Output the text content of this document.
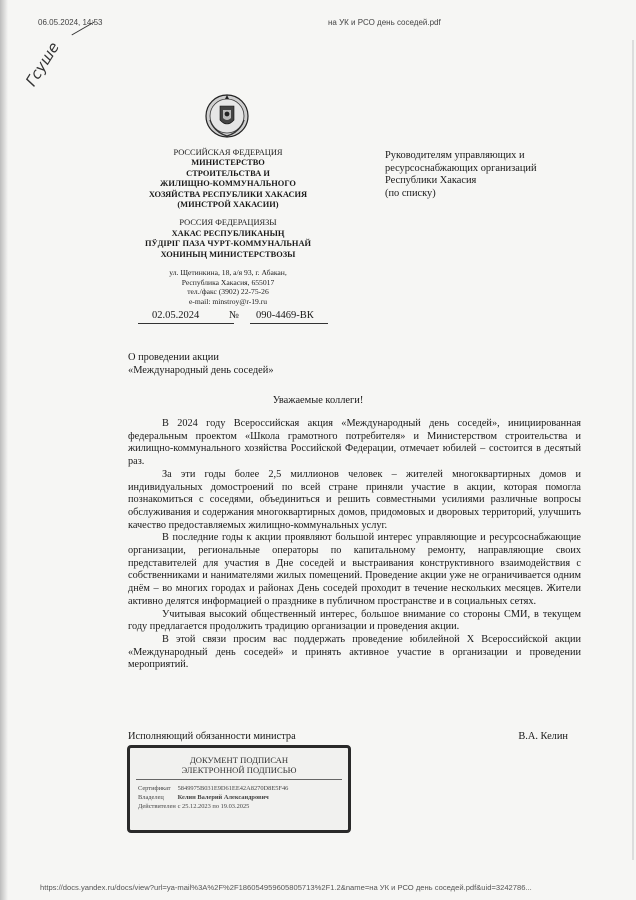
06.05.2024, 14:53	на УК и РСО день соседей.pdf
Гсуше
РОССИЙСКАЯ ФЕДЕРАЦИЯ
МИНИСТЕРСТВО
СТРОИТЕЛЬСТВА И
ЖИЛИЩНО-КОММУНАЛЬНОГО
ХОЗЯЙСТВА РЕСПУБЛИКИ ХАКАСИЯ
(МИНСТРОЙ ХАКАСИИ)
РОССИЯ ФЕДЕРАЦИЯЗЫ
ХАКАС РЕСПУБЛИКАНЫҢ
ПӰДIРIГ ПАЗА ЧУРТ-КОММУНАЛЬНАЙ
ХОНИНЫҢ МИНИСТЕРСТВОЗЫ
ул. Щетинкина, 18, а/я 93, г. Абакан,
Республика Хакасия, 655017
тел./факс (3902) 22-75-26
e-mail: minstroy@r-19.ru
02.05.2024	№ 090-4469-ВК
Руководителям управляющих и
ресурсоснабжающих организаций
Республики Хакасия
(по списку)
О проведении акции
«Международный день соседей»
Уважаемые коллеги!

В 2024 году Всероссийская акция «Международный день соседей», инициированная федеральным проектом «Школа грамотного потребителя» и Министерством строительства и жилищно-коммунального хозяйства Российской Федерации, отмечает юбилей – состоится в десятый раз.

За эти годы более 2,5 миллионов человек – жителей многоквартирных домов и индивидуальных домостроений по всей стране приняли участие в акции, которая помогла познакомиться с соседями, объединиться и решить совместными усилиями различные вопросы обслуживания и содержания многоквартирных домов, придомовых и дворовых территорий, улучшить качество предоставляемых жилищно-коммунальных услуг.

В последние годы к акции проявляют большой интерес управляющие и ресурсоснабжающие организации, региональные операторы по капитальному ремонту, направляющие своих представителей для участия в Дне соседей и выстраивания конструктивного взаимодействия с собственниками и нанимателями жилых помещений. Проведение акции уже не ограничивается одним днём – во многих городах и районах День соседей проходит в течение нескольких месяцев. Жители активно делятся информацией о празднике в публичном пространстве и в социальных сетях.

Учитывая высокий общественный интерес, большое внимание со стороны СМИ, в текущем году предлагается продолжить традицию организации и проведения акции.

В этой связи просим вас поддержать проведение юбилейной X Всероссийской акции «Международный день соседей» и принять активное участие в организации и проведении мероприятий.

Исполняющий обязанности министра	В.А. Келин
ДОКУМЕНТ ПОДПИСАН
ЭЛЕКТРОННОЙ ПОДПИСЬЮ
Сертификат 5849975B031E9D61EE42A8270D8E5F46
Владелец Келин Валерий Александрович
Действителен с 25.12.2023 по 19.03.2025
https://docs.yandex.ru/docs/view?url=ya-mail%3A%2F%2F186054959605805713%2F1.2&name=на УК и РСО день соседей.pdf&uid=3242786...
